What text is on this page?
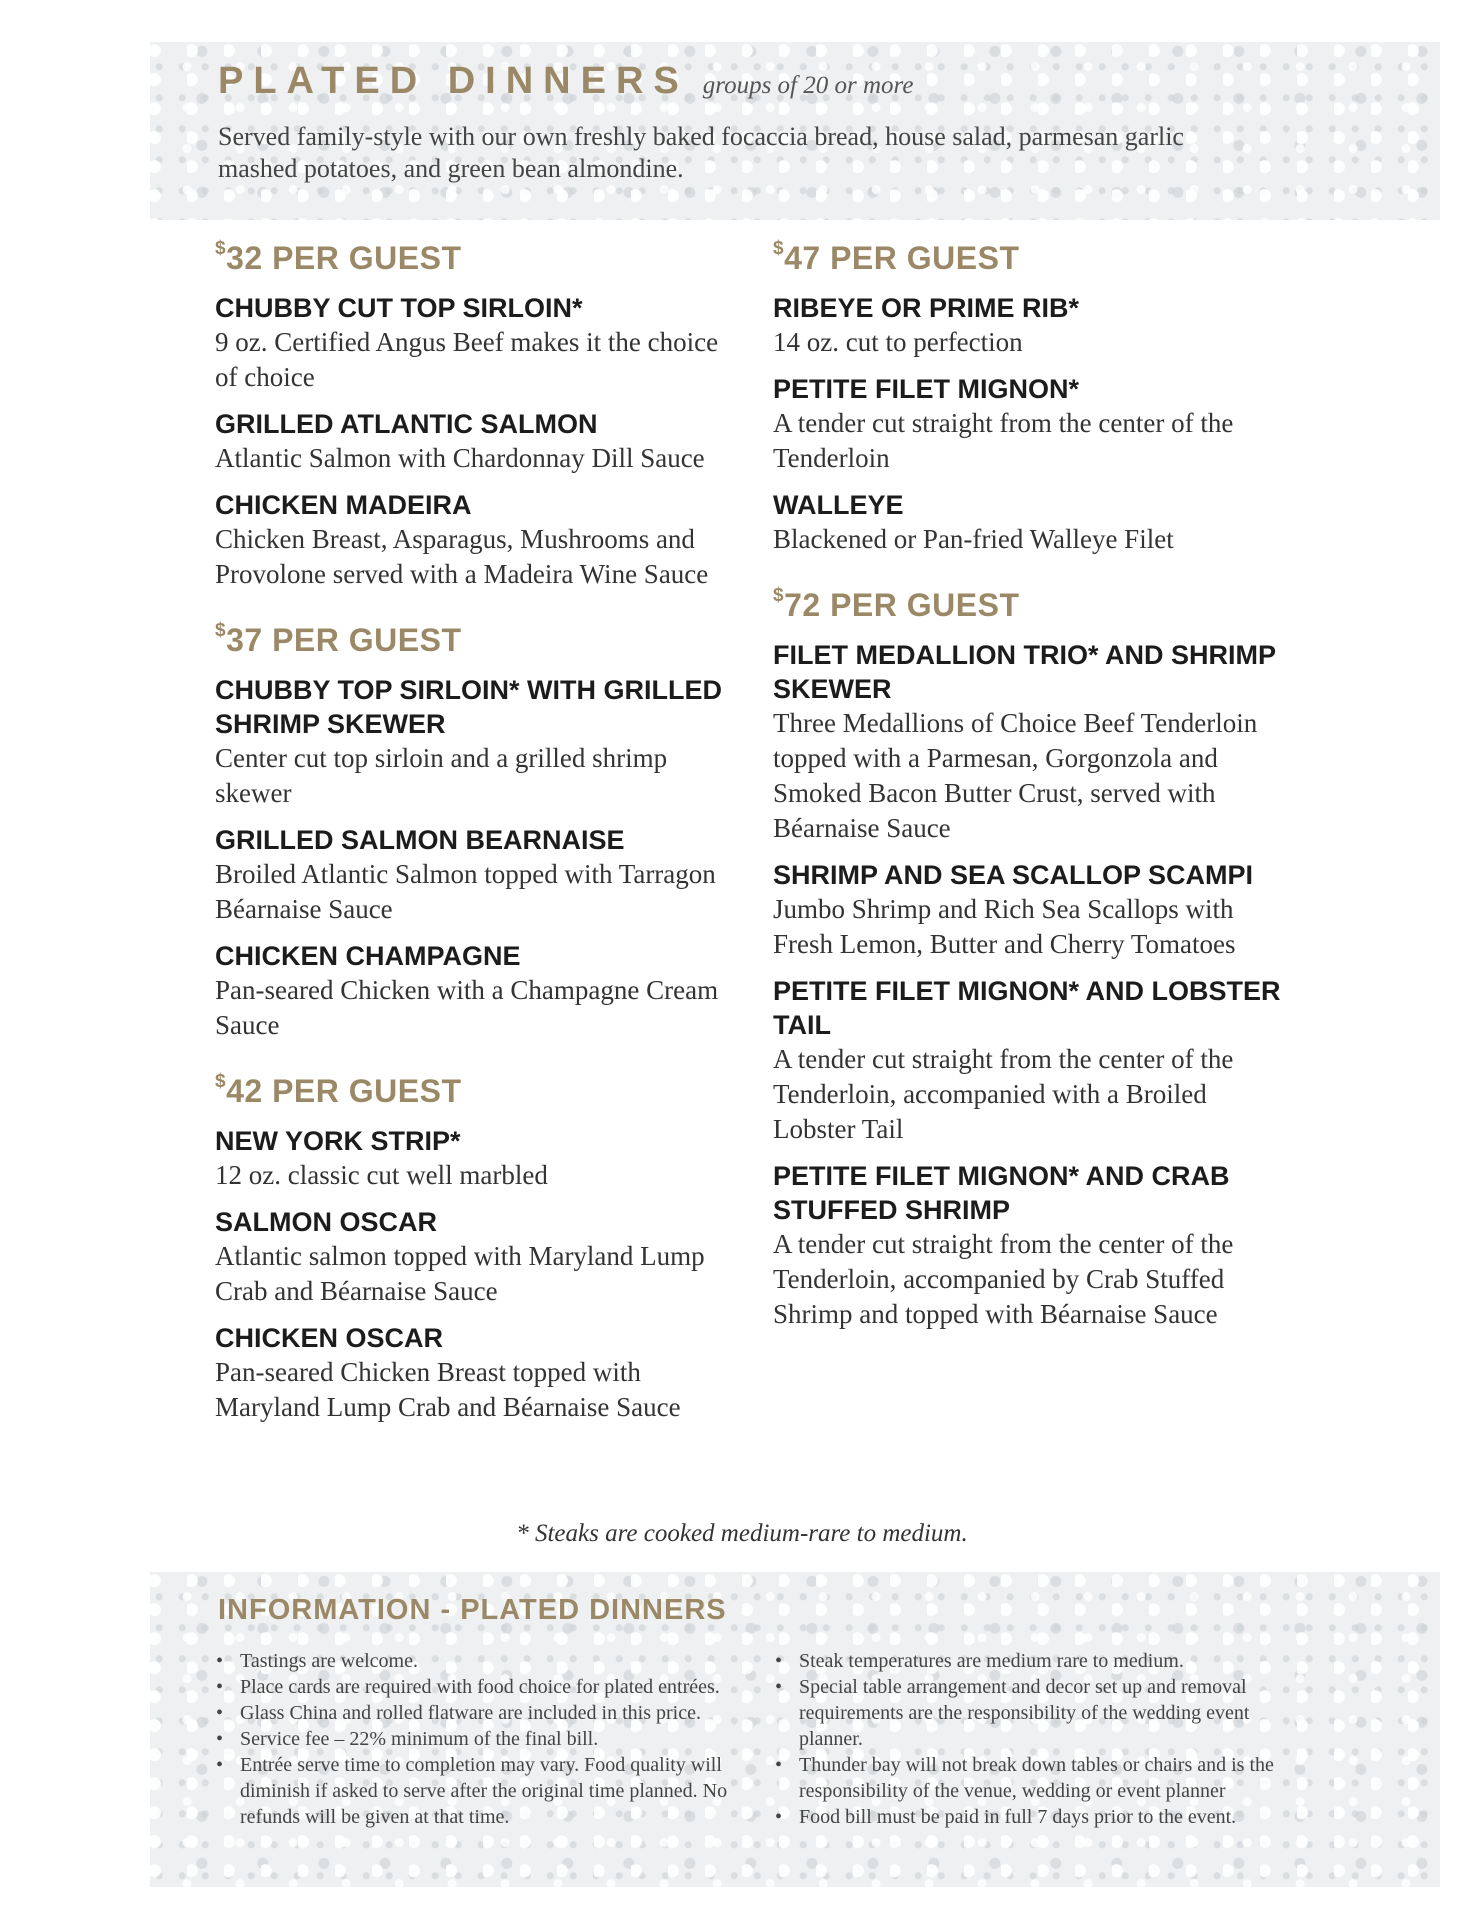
PLATED DINNERS groups of 20 or more
Served family-style with our own freshly baked focaccia bread, house salad, parmesan garlic mashed potatoes, and green bean almondine.
$32 PER GUEST
CHUBBY CUT TOP SIRLOIN*
9 oz. Certified Angus Beef makes it the choice of choice
GRILLED ATLANTIC SALMON
Atlantic Salmon with Chardonnay Dill Sauce
CHICKEN MADEIRA
Chicken Breast, Asparagus, Mushrooms and Provolone served with a Madeira Wine Sauce
$37 PER GUEST
CHUBBY TOP SIRLOIN* WITH GRILLED SHRIMP SKEWER
Center cut top sirloin and a grilled shrimp skewer
GRILLED SALMON BEARNAISE
Broiled Atlantic Salmon topped with Tarragon Béarnaise Sauce
CHICKEN CHAMPAGNE
Pan-seared Chicken with a Champagne Cream Sauce
$42 PER GUEST
NEW YORK STRIP*
12 oz. classic cut well marbled
SALMON OSCAR
Atlantic salmon topped with Maryland Lump Crab and Béarnaise Sauce
CHICKEN OSCAR
Pan-seared Chicken Breast topped with Maryland Lump Crab and Béarnaise Sauce
$47 PER GUEST
RIBEYE OR PRIME RIB*
14 oz. cut to perfection
PETITE FILET MIGNON*
A tender cut straight from the center of the Tenderloin
WALLEYE
Blackened or Pan-fried Walleye Filet
$72 PER GUEST
FILET MEDALLION TRIO* AND SHRIMP SKEWER
Three Medallions of Choice Beef Tenderloin topped with a Parmesan, Gorgonzola and Smoked Bacon Butter Crust, served with Béarnaise Sauce
SHRIMP AND SEA SCALLOP SCAMPI
Jumbo Shrimp and Rich Sea Scallops with Fresh Lemon, Butter and Cherry Tomatoes
PETITE FILET MIGNON* AND LOBSTER TAIL
A tender cut straight from the center of the Tenderloin, accompanied with a Broiled Lobster Tail
PETITE FILET MIGNON* AND CRAB STUFFED SHRIMP
A tender cut straight from the center of the Tenderloin, accompanied by Crab Stuffed Shrimp and topped with Béarnaise Sauce
* Steaks are cooked medium-rare to medium.
INFORMATION - PLATED DINNERS
• Tastings are welcome.
• Place cards are required with food choice for plated entrées.
• Glass China and rolled flatware are included in this price.
• Service fee – 22% minimum of the final bill.
• Entrée serve time to completion may vary. Food quality will diminish if asked to serve after the original time planned. No refunds will be given at that time.
• Steak temperatures are medium rare to medium.
• Special table arrangement and decor set up and removal requirements are the responsibility of the wedding event planner.
• Thunder bay will not break down tables or chairs and is the responsibility of the venue, wedding or event planner
• Food bill must be paid in full 7 days prior to the event.
